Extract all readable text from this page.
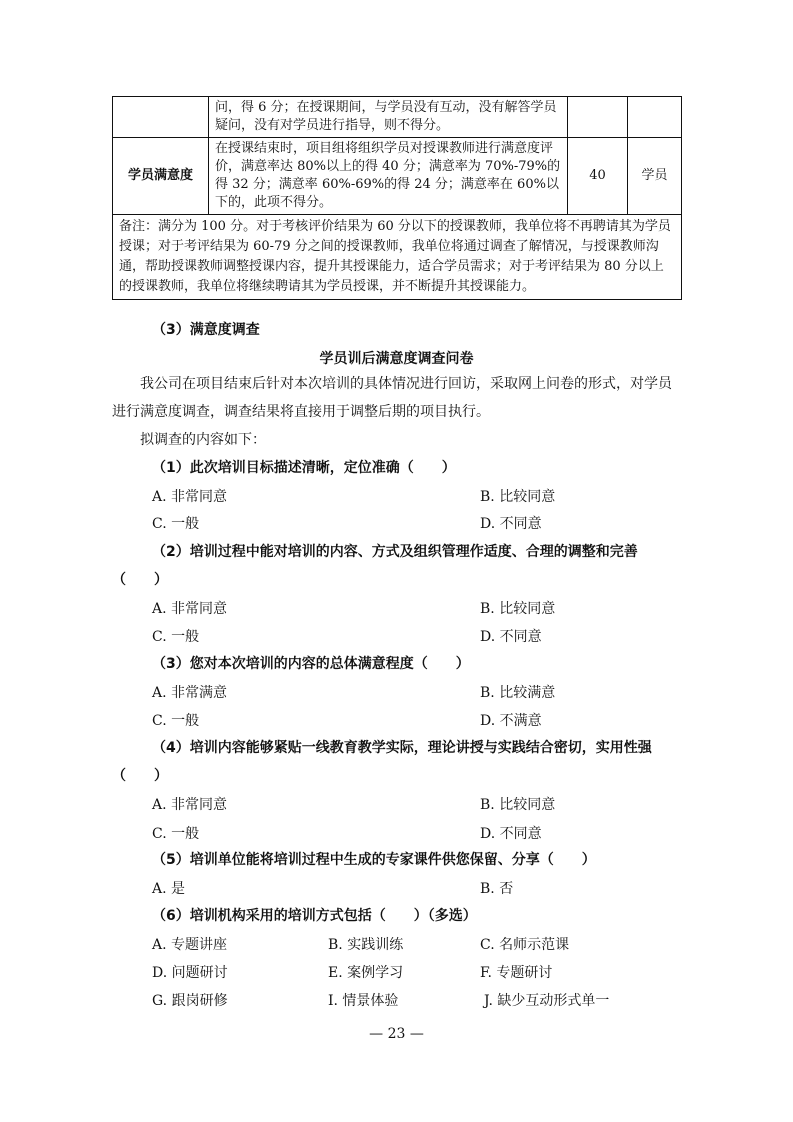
	问，得 6 分；在授课期间，与学员没有互动，没有解答学员疑问，没有对学员进行指导，则不得分。		
学员满意度	在授课结束时，项目组将组织学员对授课教师进行满意度评价，满意率达 80%以上的得 40 分；满意率为 70%-79%的得 32 分；满意率 60%-69%的得 24 分；满意率在 60%以下的，此项不得分。	40	学员
备注：满分为 100 分。对于考核评价结果为 60 分以下的授课教师，我单位将不再聘请其为学员授课；对于考评结果为 60-79 分之间的授课教师，我单位将通过调查了解情况，与授课教师沟通，帮助授课教师调整授课内容，提升其授课能力，适合学员需求；对于考评结果为 80 分以上的授课教师，我单位将继续聘请其为学员授课，并不断提升其授课能力。			
（3）满意度调查
学员训后满意度调查问卷
我公司在项目结束后针对本次培训的具体情况进行回访，采取网上问卷的形式，对学员进行满意度调查，调查结果将直接用于调整后期的项目执行。
拟调查的内容如下：
（1）此次培训目标描述清晰，定位准确（　　）
A. 非常同意	B. 比较同意
C. 一般	D. 不同意
（2）培训过程中能对培训的内容、方式及组织管理作适度、合理的调整和完善（　　）
A. 非常同意	B. 比较同意
C. 一般	D. 不同意
（3）您对本次培训的内容的总体满意程度（　　）
A. 非常满意	B. 比较满意
C. 一般	D. 不满意
（4）培训内容能够紧贴一线教育教学实际，理论讲授与实践结合密切，实用性强（　　）
A. 非常同意	B. 比较同意
C. 一般	D. 不同意
（5）培训单位能将培训过程中生成的专家课件供您保留、分享（　　）
A. 是	B. 否
（6）培训机构采用的培训方式包括（　　）（多选）
A. 专题讲座	B. 实践训练	C. 名师示范课
D. 问题研讨	E. 案例学习	F. 专题研讨
G. 跟岗研修	I. 情景体验	J. 缺少互动形式单一
— 23 —
